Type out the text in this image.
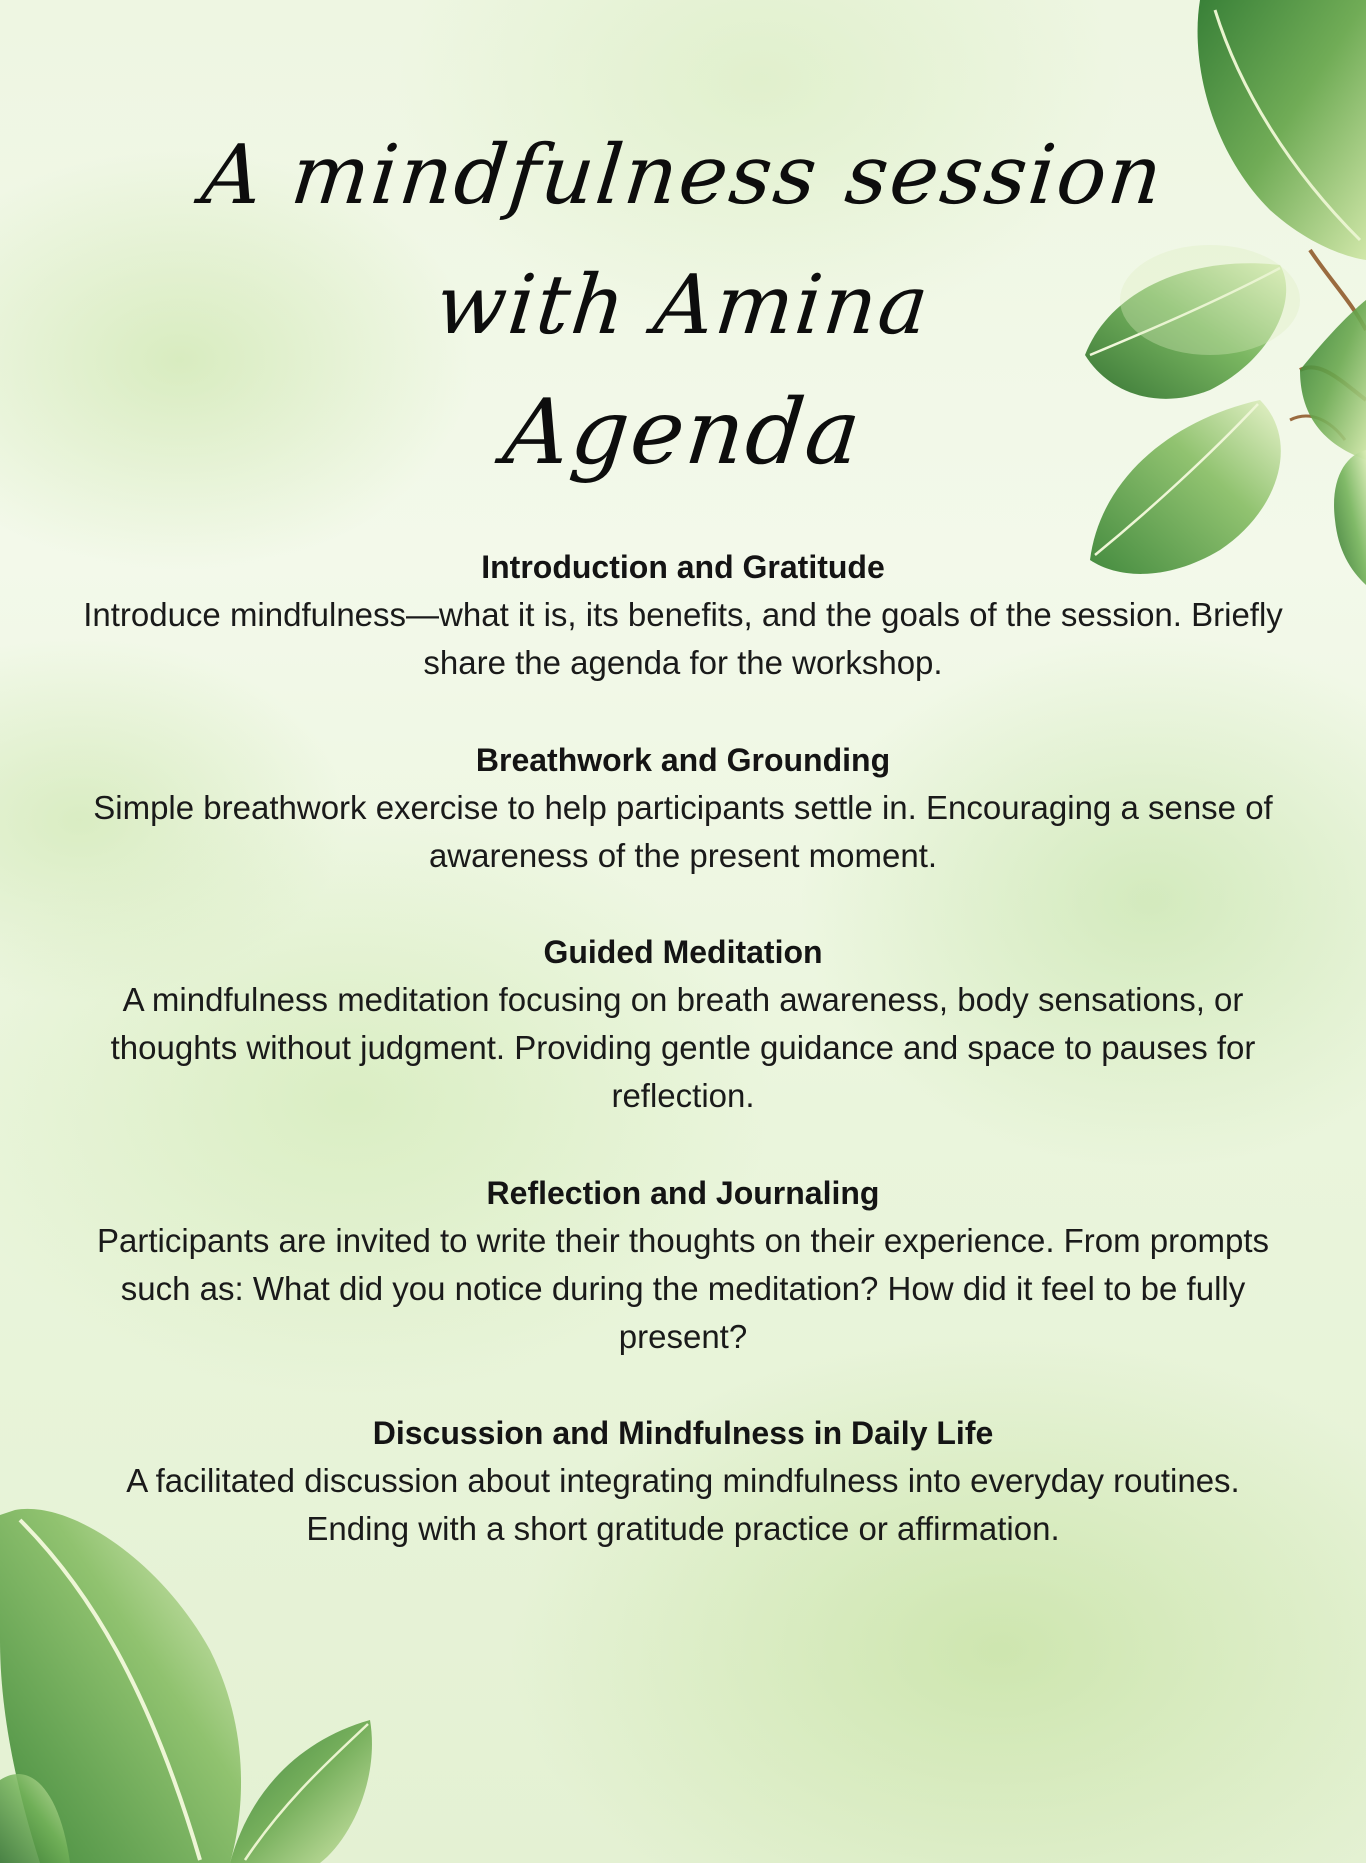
A mindfulness session
with Amina
Agenda
Introduction and Gratitude
Introduce mindfulness—what it is, its benefits, and the goals of the session. Briefly share the agenda for the workshop.
Breathwork and Grounding
Simple breathwork exercise to help participants settle in. Encouraging a sense of awareness of the present moment.
Guided Meditation
A mindfulness meditation focusing on breath awareness, body sensations, or thoughts without judgment. Providing gentle guidance and space to pauses for reflection.
Reflection and Journaling
Participants are invited to write their thoughts on their experience. From prompts such as: What did you notice during the meditation? How did it feel to be fully present?
Discussion and Mindfulness in Daily Life
A facilitated discussion about integrating mindfulness into everyday routines. Ending with a short gratitude practice or affirmation.
